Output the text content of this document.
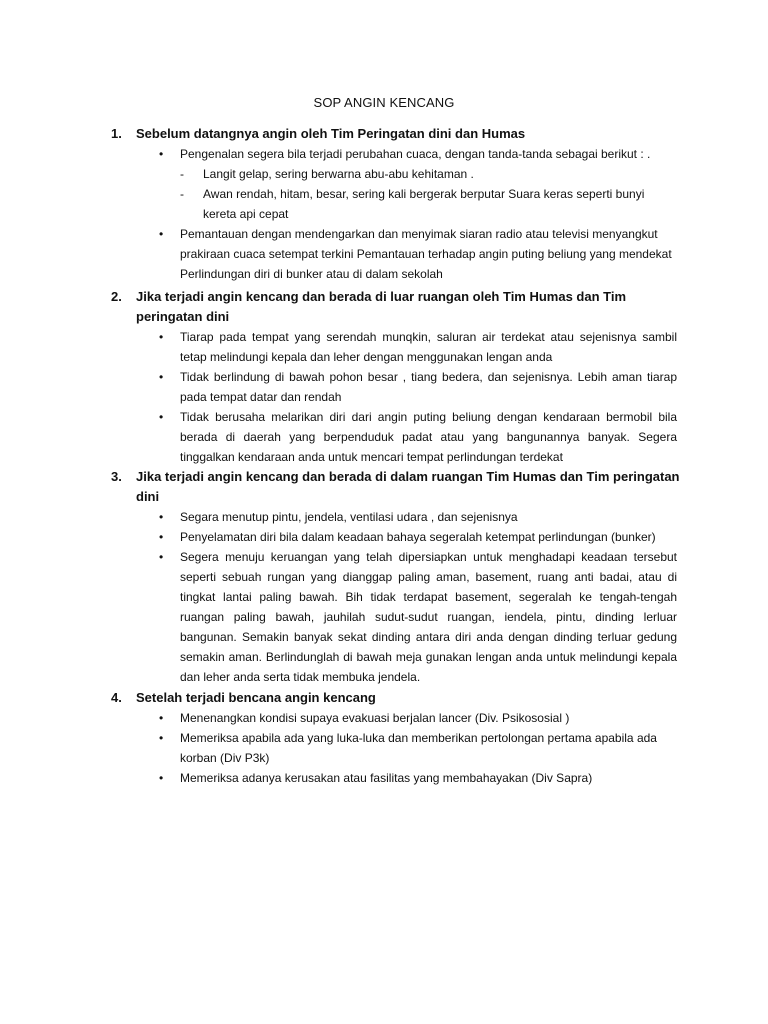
SOP ANGIN KENCANG
1. Sebelum datangnya angin oleh Tim Peringatan dini dan Humas
• Pengenalan segera bila terjadi perubahan cuaca, dengan tanda-tanda sebagai berikut : .
- Langit gelap, sering berwarna abu-abu kehitaman .
- Awan rendah, hitam, besar, sering kali bergerak berputar Suara keras seperti bunyi kereta api cepat
• Pemantauan dengan mendengarkan dan menyimak siaran radio atau televisi menyangkut prakiraan cuaca setempat terkini Pemantauan terhadap angin puting beliung yang mendekat Perlindungan diri di bunker atau di dalam sekolah
2. Jika terjadi angin kencang dan berada di luar ruangan oleh Tim Humas dan Tim peringatan dini
• Tiarap pada tempat yang serendah munqkin, saluran air terdekat atau sejenisnya sambil tetap melindungi kepala dan leher dengan menggunakan lengan anda
• Tidak berlindung di bawah pohon besar , tiang bedera, dan sejenisnya. Lebih aman tiarap pada tempat datar dan rendah
• Tidak berusaha melarikan diri dari angin puting beliung dengan kendaraan bermobil bila berada di daerah yang berpenduduk padat atau yang bangunannya banyak. Segera tinggalkan kendaraan anda untuk mencari tempat perlindungan terdekat
3. Jika terjadi angin kencang dan berada di dalam ruangan Tim Humas dan Tim peringatan dini
• Segara menutup pintu, jendela, ventilasi udara , dan sejenisnya
• Penyelamatan diri bila dalam keadaan bahaya segeralah ketempat perlindungan (bunker)
• Segera menuju keruangan yang telah dipersiapkan untuk menghadapi keadaan tersebut seperti sebuah rungan yang dianggap paling aman, basement, ruang anti badai, atau di tingkat lantai paling bawah. Bih tidak terdapat basement, segeralah ke tengah-tengah ruangan paling bawah, jauhilah sudut-sudut ruangan, iendela, pintu, dinding lerluar bangunan. Semakin banyak sekat dinding antara diri anda dengan dinding terluar gedung semakin aman. Berlindunglah di bawah meja gunakan lengan anda untuk melindungi kepala dan leher anda serta tidak membuka jendela.
4. Setelah terjadi bencana angin kencang
• Menenangkan kondisi supaya evakuasi berjalan lancer (Div. Psikososial )
• Memeriksa apabila ada yang luka-luka dan memberikan pertolongan pertama apabila ada korban (Div P3k)
• Memeriksa adanya kerusakan atau fasilitas yang membahayakan (Div Sapra)
